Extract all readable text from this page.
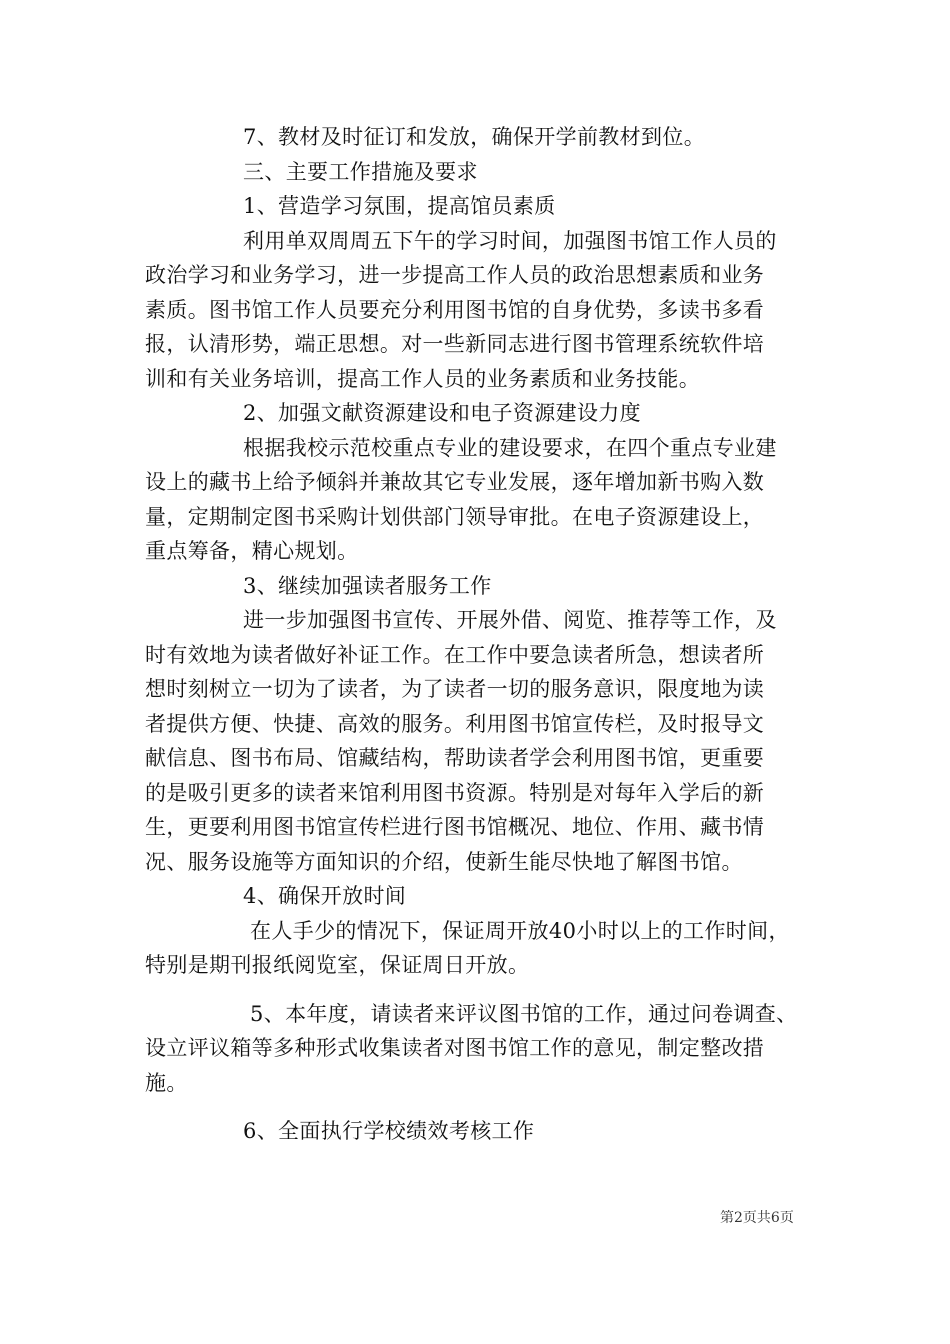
7、教材及时征订和发放，确保开学前教材到位。
三、主要工作措施及要求
1、营造学习氛围，提高馆员素质
利用单双周周五下午的学习时间，加强图书馆工作人员的
政治学习和业务学习，进一步提高工作人员的政治思想素质和业务
素质。图书馆工作人员要充分利用图书馆的自身优势，多读书多看
报，认清形势，端正思想。对一些新同志进行图书管理系统软件培
训和有关业务培训，提高工作人员的业务素质和业务技能。
2、加强文献资源建设和电子资源建设力度
根据我校示范校重点专业的建设要求，在四个重点专业建
设上的藏书上给予倾斜并兼故其它专业发展，逐年增加新书购入数
量，定期制定图书采购计划供部门领导审批。在电子资源建设上，
重点筹备，精心规划。
3、继续加强读者服务工作
进一步加强图书宣传、开展外借、阅览、推荐等工作，及
时有效地为读者做好补证工作。在工作中要急读者所急，想读者所
想时刻树立一切为了读者，为了读者一切的服务意识，限度地为读
者提供方便、快捷、高效的服务。利用图书馆宣传栏，及时报导文
献信息、图书布局、馆藏结构，帮助读者学会利用图书馆，更重要
的是吸引更多的读者来馆利用图书资源。特别是对每年入学后的新
生，更要利用图书馆宣传栏进行图书馆概况、地位、作用、藏书情
况、服务设施等方面知识的介绍，使新生能尽快地了解图书馆。
4、确保开放时间
在人手少的情况下，保证周开放40小时以上的工作时间，
特别是期刊报纸阅览室，保证周日开放。
5、本年度，请读者来评议图书馆的工作，通过问卷调查、
设立评议箱等多种形式收集读者对图书馆工作的意见，制定整改措
施。
6、全面执行学校绩效考核工作
第2页共6页
